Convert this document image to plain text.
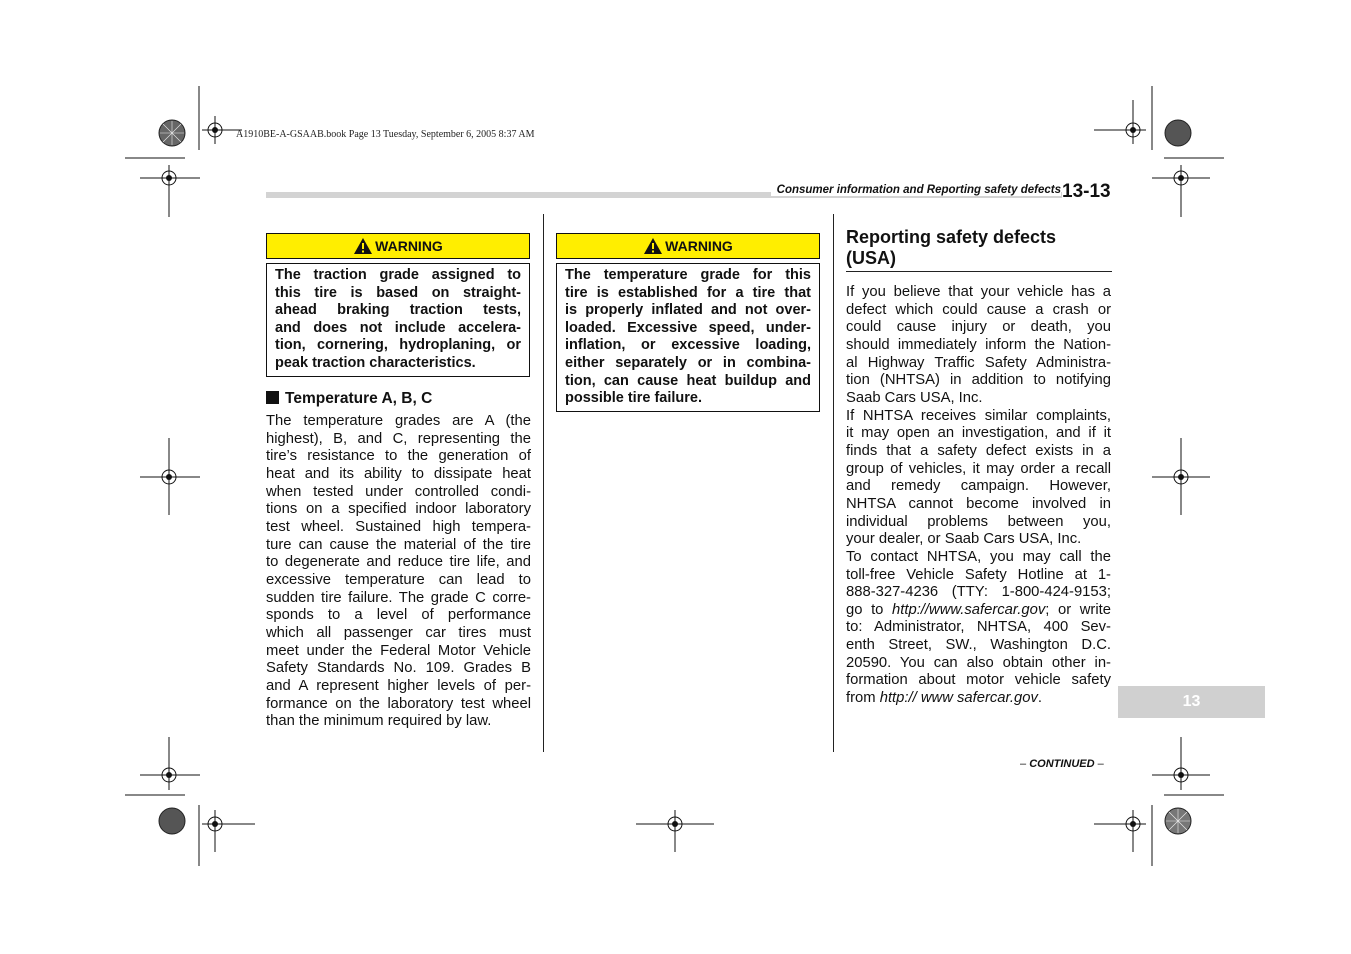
A1910BE-A-GSAAB.book Page 13 Tuesday, September 6, 2005 8:37 AM
Consumer information and Reporting safety defects 13-13
WARNING
The traction grade assigned to
this tire is based on straight-
ahead braking traction tests,
and does not include accelera-
tion, cornering, hydroplaning, or
peak traction characteristics.
Temperature A, B, C
The temperature grades are A (the
highest), B, and C, representing the
tire’s resistance to the generation of
heat and its ability to dissipate heat
when tested under controlled condi-
tions on a specified indoor laboratory
test wheel. Sustained high tempera-
ture can cause the material of the tire
to degenerate and reduce tire life, and
excessive temperature can lead to
sudden tire failure. The grade C corre-
sponds to a level of performance
which all passenger car tires must
meet under the Federal Motor Vehicle
Safety Standards No. 109. Grades B
and A represent higher levels of per-
formance on the laboratory test wheel
than the minimum required by law.
WARNING
The temperature grade for this
tire is established for a tire that
is properly inflated and not over-
loaded. Excessive speed, under-
inflation, or excessive loading,
either separately or in combina-
tion, can cause heat buildup and
possible tire failure.
Reporting safety defects
(USA)
If you believe that your vehicle has a
defect which could cause a crash or
could cause injury or death, you
should immediately inform the Nation-
al Highway Traffic Safety Administra-
tion (NHTSA) in addition to notifying
Saab Cars USA, Inc.
If NHTSA receives similar complaints,
it may open an investigation, and if it
finds that a safety defect exists in a
group of vehicles, it may order a recall
and remedy campaign. However,
NHTSA cannot become involved in
individual problems between you,
your dealer, or Saab Cars USA, Inc.
To contact NHTSA, you may call the
toll-free Vehicle Safety Hotline at 1-
888-327-4236 (TTY: 1-800-424-9153;
go to http://www.safercar.gov; or write
to: Administrator, NHTSA, 400 Sev-
enth Street, SW., Washington D.C.
20590. You can also obtain other in-
formation about motor vehicle safety
from http:// www safercar.gov.	13
– CONTINUED –
